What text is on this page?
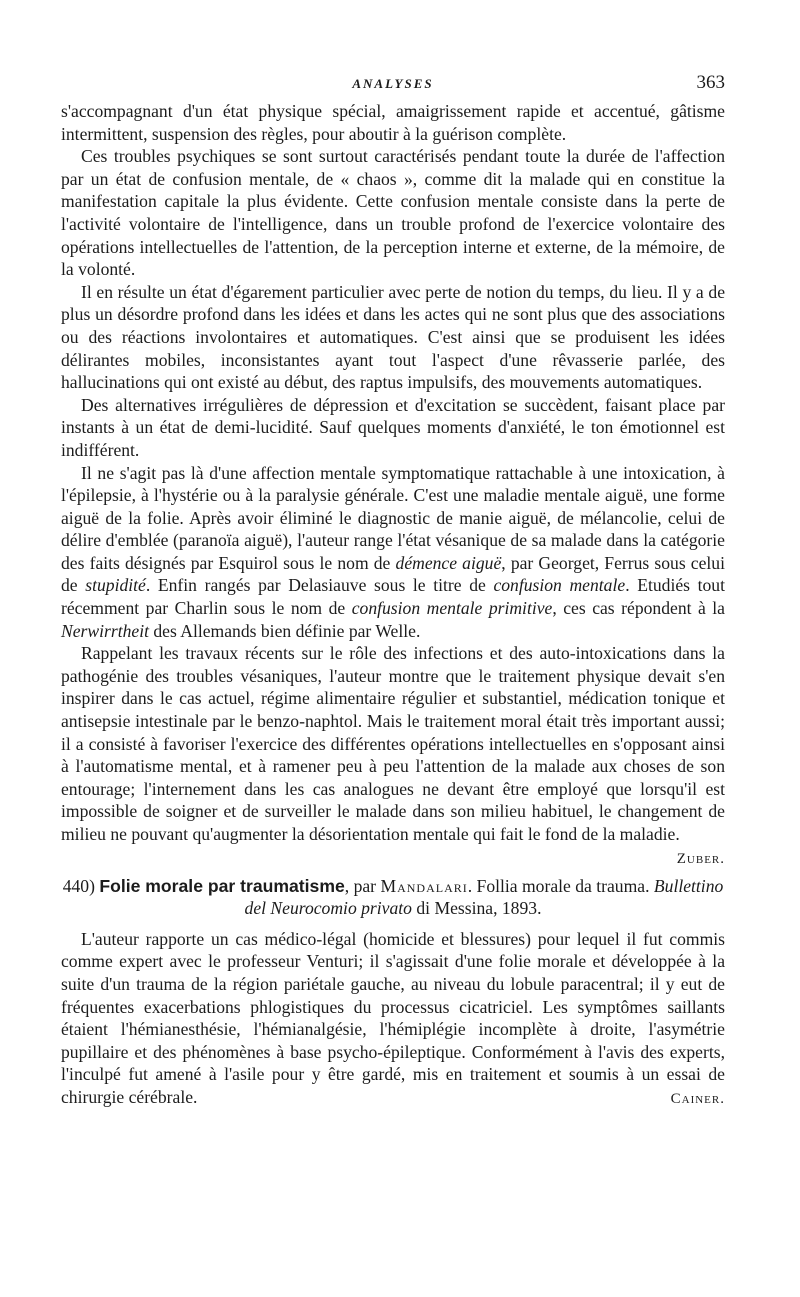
ANALYSES	363

s'accompagnant d'un état physique spécial, amaigrissement rapide et accentué, gâtisme intermittent, suspension des règles, pour aboutir à la guérison complète.

Ces troubles psychiques se sont surtout caractérisés pendant toute la durée de l'affection par un état de confusion mentale, de « chaos », comme dit la malade qui en constitue la manifestation capitale la plus évidente. Cette confusion mentale consiste dans la perte de l'activité volontaire de l'intelligence, dans un trouble profond de l'exercice volontaire des opérations intellectuelles de l'attention, de la perception interne et externe, de la mémoire, de la volonté.

Il en résulte un état d'égarement particulier avec perte de notion du temps, du lieu. Il y a de plus un désordre profond dans les idées et dans les actes qui ne sont plus que des associations ou des réactions involontaires et automatiques. C'est ainsi que se produisent les idées délirantes mobiles, inconsistantes ayant tout l'aspect d'une rêvasserie parlée, des hallucinations qui ont existé au début, des raptus impulsifs, des mouvements automatiques.

Des alternatives irrégulières de dépression et d'excitation se succèdent, faisant place par instants à un état de demi-lucidité. Sauf quelques moments d'anxiété, le ton émotionnel est indifférent.

Il ne s'agit pas là d'une affection mentale symptomatique rattachable à une intoxication, à l'épilepsie, à l'hystérie ou à la paralysie générale. C'est une maladie mentale aiguë, une forme aiguë de la folie. Après avoir éliminé le diagnostic de manie aiguë, de mélancolie, celui de délire d'emblée (paranoïa aiguë), l'auteur range l'état vésanique de sa malade dans la catégorie des faits désignés par Esquirol sous le nom de démence aiguë, par Georget, Ferrus sous celui de stupidité. Enfin rangés par Delasiauve sous le titre de confusion mentale. Etudiés tout récemment par Charlin sous le nom de confusion mentale primitive, ces cas répondent à la Nerwirrtheit des Allemands bien définie par Welle.

Rappelant les travaux récents sur le rôle des infections et des auto-intoxications dans la pathogénie des troubles vésaniques, l'auteur montre que le traitement physique devait s'en inspirer dans le cas actuel, régime alimentaire régulier et substantiel, médication tonique et antisepsie intestinale par le benzo-naphtol. Mais le traitement moral était très important aussi; il a consisté à favoriser l'exercice des différentes opérations intellectuelles en s'opposant ainsi à l'automatisme mental, et à ramener peu à peu l'attention de la malade aux choses de son entourage; l'internement dans les cas analogues ne devant être employé que lorsqu'il est impossible de soigner et de surveiller le malade dans son milieu habituel, le changement de milieu ne pouvant qu'augmenter la désorientation mentale qui fait le fond de la maladie.
Zuber.

440) Folie morale par traumatisme, par Mandalari. Follia morale da trauma. Bullettino del Neurocomio privato di Messina, 1893.

L'auteur rapporte un cas médico-légal (homicide et blessures) pour lequel il fut commis comme expert avec le professeur Venturi; il s'agissait d'une folie morale et développée à la suite d'un trauma de la région pariétale gauche, au niveau du lobule paracentral; il y eut de fréquentes exacerbations phlogistiques du processus cicatriciel. Les symptômes saillants étaient l'hémianesthésie, l'hémianalgésie, l'hémiplégie incomplète à droite, l'asymétrie pupillaire et des phénomènes à base psycho-épileptique. Conformément à l'avis des experts, l'inculpé fut amené à l'asile pour y être gardé, mis en traitement et soumis à un essai de chirurgie cérébrale.	Cainer.
